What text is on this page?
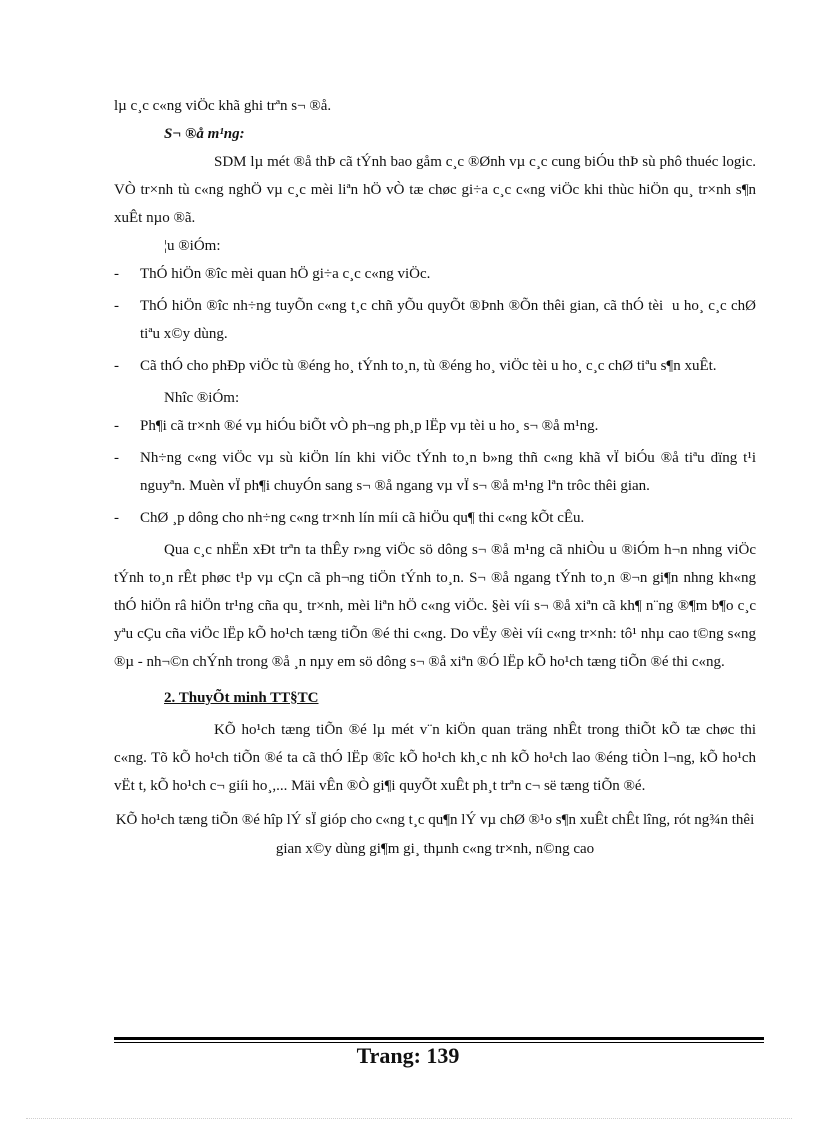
lµ c¸c c«ng viÖc khã ghi trªn s¬ ®å.

S¬ ®å m¹ng:

SDM lµ mét ®å thÞ cã tÝnh bao gåm c¸c ®Ønh vµ c¸c cung biÓu thÞ sù phô thuéc logic. VÒ tr×nh tù c«ng nghÖ vµ c¸c mèi liªn hÖ vÒ tæ chøc gi÷a c¸c c«ng viÖc khi thùc hiÖn qu¸ tr×nh s¶n xuÊt nµo ®ã.

¦u ®iÓm:

- ThÓ hiÖn ®îc mèi quan hÖ gi÷a c¸c c«ng viÖc.
- ThÓ hiÖn ®îc nh÷ng tuyÕn c«ng t¸c chñ yÕu quyÕt ®Þnh ®Õn thêi gian, cã thÓ tèi u ho¸ c¸c chØ tiªu x©y dùng.
- Cã thÓ cho phÐp viÖc tù ®éng ho¸ tÝnh to¸n, tù ®éng ho¸ viÖc tèi u ho¸ c¸c chØ tiªu s¶n xuÊt.

Nhîc ®iÓm:

- Ph¶i cã tr×nh ®é vµ hiÓu biÕt vÒ ph¬ng ph¸p lËp vµ tèi u ho¸ s¬ ®å m¹ng.
- Nh÷ng c«ng viÖc vµ sù kiÖn lín khi viÖc tÝnh to¸n b»ng thñ c«ng khã vÏ biÓu ®å tiªu dïng t¹i nguyªn. Muèn vÏ ph¶i chuyÓn sang s¬ ®å ngang vµ vÏ s¬ ®å m¹ng lªn trôc thêi gian.
- ChØ ¸p dông cho nh÷ng c«ng tr×nh lín míi cã hiÖu qu¶ thi c«ng kÕt cÊu.

Qua c¸c nhËn xÐt trªn ta thÊy r»ng viÖc sö dông s¬ ®å m¹ng cã nhiÒu u ®iÓm h¬n nhng viÖc tÝnh to¸n rÊt phøc t¹p vµ cÇn cã ph¬ng tiÖn tÝnh to¸n. S¬ ®å ngang tÝnh to¸n ®¬n gi¶n nhng kh«ng thÓ hiÖn râ hiÖn tr¹ng cña qu¸ tr×nh, mèi liªn hÖ c«ng viÖc. §èi víi s¬ ®å xiªn cã kh¶ n¨ng ®¶m b¶o c¸c yªu cÇu cña viÖc lËp kÕ ho¹ch tæng tiÕn ®é thi c«ng. Do vËy ®èi víi c«ng tr×nh: tô¹ nhµ cao t©ng s«ng ®µ - nh¬©n chÝnh trong ®å ¸n nµy em sö dông s¬ ®å xiªn ®Ó lËp kÕ ho¹ch tæng tiÕn ®é thi c«ng.

2. ThuyÕt minh TT§TC

KÕ ho¹ch tæng tiÕn ®é lµ mét v¨n kiÖn quan träng nhÊt trong thiÕt kÕ tæ chøc thi c«ng. Tõ kÕ ho¹ch tiÕn ®é ta cã thÓ lËp ®îc kÕ ho¹ch kh¸c nh kÕ ho¹ch lao ®éng tiÒn l¬ng, kÕ ho¹ch vËt t, kÕ ho¹ch c¬ giíi ho¸,... Mäi vÊn ®Ò gi¶i quyÕt xuÊt ph¸t trªn c¬ së tæng tiÕn ®é.

KÕ ho¹ch tæng tiÕn ®é hîp lÝ sÏ gióp cho c«ng t¸c qu¶n lÝ vµ chØ ®¹o s¶n xuÊt chÊt lîng, rót ng¾n thêi gian x©y dùng gi¶m gi¸ thµnh c«ng tr×nh, n©ng cao

Trang: 139
